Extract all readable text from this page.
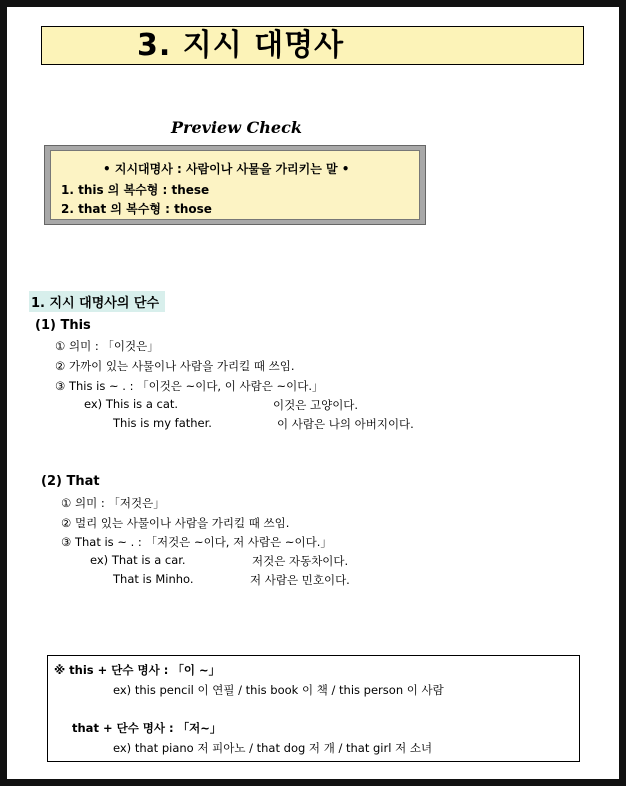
3. 지시 대명사
Preview Check
• 지시대명사 : 사람이나 사물을 가리키는 말 •
1. this 의 복수형 : these
2. that 의 복수형 : those
1. 지시 대명사의 단수
(1) This
① 의미 : 「이것은」
② 가까이 있는 사물이나 사람을 가리킬 때 쓰임.
③ This is ~ . : 「이것은 ~이다, 이 사람은 ~이다.」
ex) This is a cat.	이것은 고양이다.
This is my father.	이 사람은 나의 아버지이다.
(2) That
① 의미 : 「저것은」
② 멀리 있는 사물이나 사람을 가리킬 때 쓰임.
③ That is ~ . : 「저것은 ~이다, 저 사람은 ~이다.」
ex) That is a car.	저것은 자동차이다.
That is Minho.	저 사람은 민호이다.
※ this + 단수 명사 : 「이 ~」
ex) this pencil 이 연필 / this book 이 책 / this person 이 사람
that + 단수 명사 : 「저~」
ex) that piano 저 피아노 / that dog 저 개 / that girl 저 소녀
